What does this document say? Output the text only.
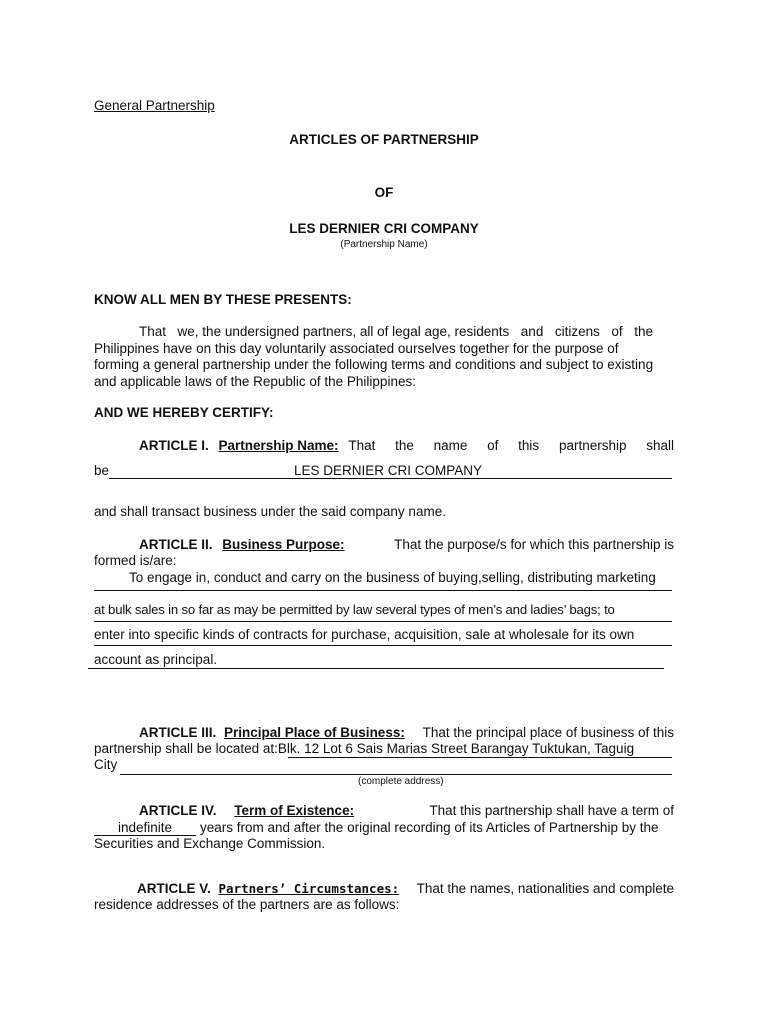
General Partnership
ARTICLES OF PARTNERSHIP
OF
LES DERNIER CRI COMPANY
(Partnership Name)
KNOW ALL MEN BY THESE PRESENTS:
That we, the undersigned partners, all of legal age, residents and citizens of the
Philippines have on this day voluntarily associated ourselves together for the purpose of
forming a general partnership under the following terms and conditions and subject to existing
and applicable laws of the Republic of the Philippines:
AND WE HEREBY CERTIFY:
ARTICLE I. Partnership Name: That the name of this partnership shall
be	LES DERNIER CRI COMPANY
and shall transact business under the said company name.
ARTICLE II. Business Purpose:	That the purpose/s for which this partnership is
formed is/are:
To engage in, conduct and carry on the business of buying,selling, distributing marketing
at bulk sales in so far as may be permitted by law several types of men’s and ladies’ bags; to
enter into specific kinds of contracts for purchase, acquisition, sale at wholesale for its own
account as principal.
ARTICLE III. Principal Place of Business: That the principal place of business of this
partnership shall be located at:Blk. 12 Lot 6 Sais Marias Street Barangay Tuktukan, Taguig
City
(complete address)
ARTICLE IV. Term of Existence:	That this partnership shall have a term of
indefinite years from and after the original recording of its Articles of Partnership by the
Securities and Exchange Commission.
ARTICLE V. Partners’ Circumstances: That the names, nationalities and complete
residence addresses of the partners are as follows:
